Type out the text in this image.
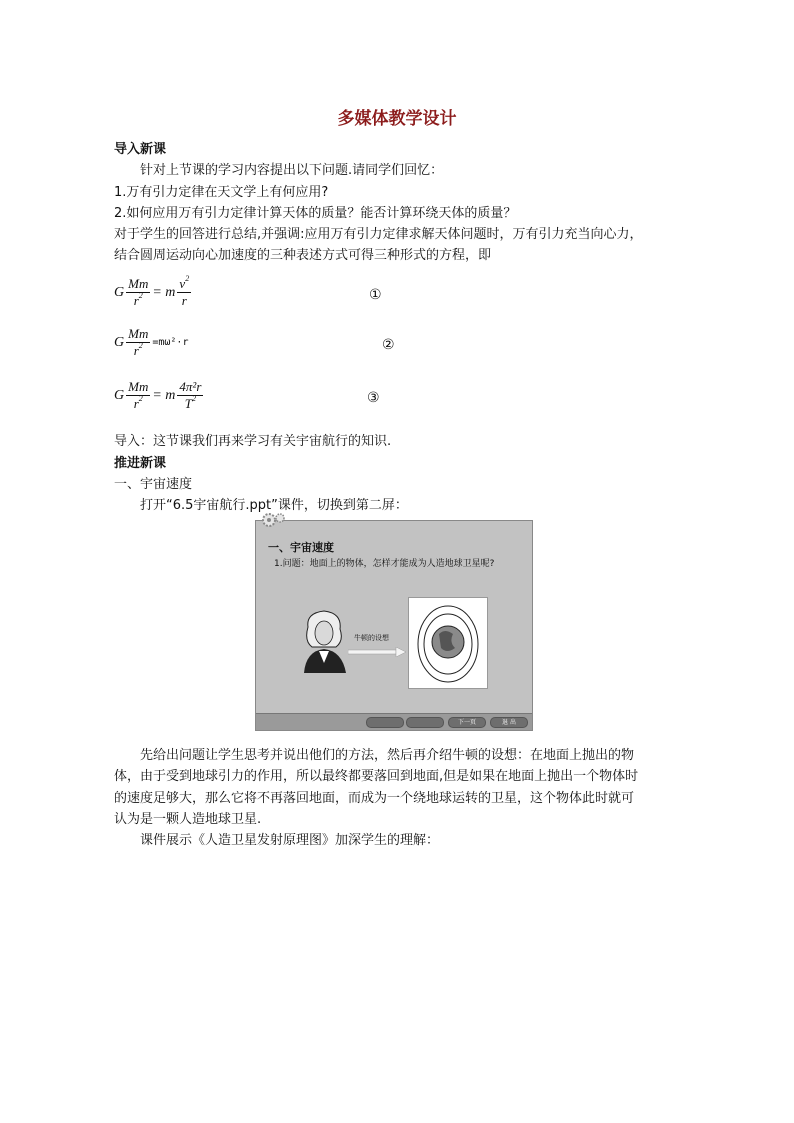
多媒体教学设计
导入新课
针对上节课的学习内容提出以下问题.请同学们回忆：
1.万有引力定律在天文学上有何应用?
2.如何应用万有引力定律计算天体的质量？能否计算环绕天体的质量？
对于学生的回答进行总结,并强调:应用万有引力定律求解天体问题时，万有引力充当向心力，
结合圆周运动向心加速度的三种表述方式可得三种形式的方程，即
G $\frac{Mm}{r^2} = m \frac{v^2}{r}$	①
G $\frac{Mm}{r^2} =m\omega^2\cdot r$	②
G $\frac{Mm}{r^2} = m \frac{\text{4π²r}}{T^2}$	③
导入：这节课我们再来学习有关宇宙航行的知识.
推进新课
一、宇宙速度
打开“6.5宇宙航行.ppt”课件，切换到第二屏：
一、宇宙速度
1.问题：地面上的物体，怎样才能成为人造地球卫星呢?
牛顿的设想
下一页	退 出
先给出问题让学生思考并说出他们的方法，然后再介绍牛顿的设想：在地面上抛出的物
体，由于受到地球引力的作用，所以最终都要落回到地面,但是如果在地面上抛出一个物体时
的速度足够大，那么它将不再落回地面，而成为一个绕地球运转的卫星，这个物体此时就可
认为是一颗人造地球卫星.
课件展示《人造卫星发射原理图》加深学生的理解：
